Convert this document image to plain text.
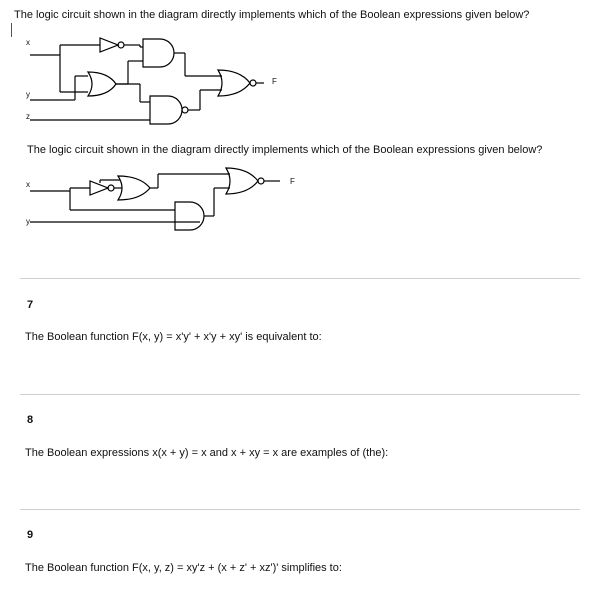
The logic circuit shown in the diagram directly implements which of the Boolean expressions given below?
x
y
z
F
The logic circuit shown in the diagram directly implements which of the Boolean expressions given below?
x
y
F
7
The Boolean function F(x, y) = x'y' + x'y + xy' is equivalent to:
8
The Boolean expressions x(x + y) = x and x + xy = x are examples of (the):
9
The Boolean function F(x, y, z) = xy'z + (x + z' + xz')' simplifies to:
